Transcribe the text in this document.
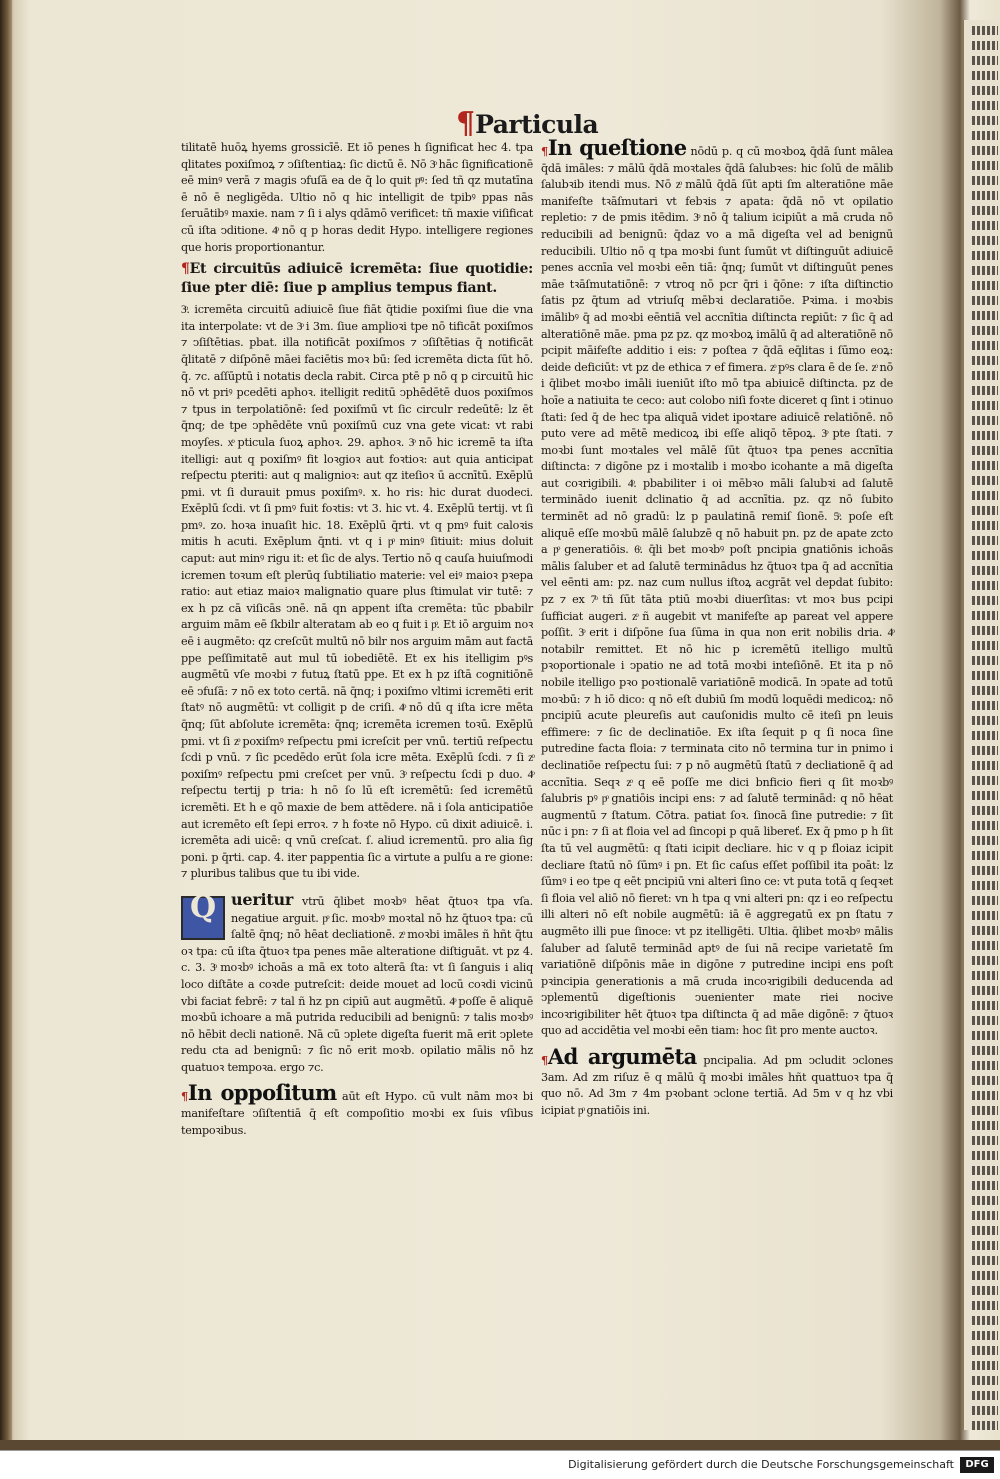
¶Particula

tilitatē huōꝝ hyems grossicīē. Et iō penes h ſignificat hec 4. tpa qlitates poxiſmoꝝ ⁊ ↄſiſtentiaꝝ: ſic dictū ē. Nō 3ͦ hāc ſignificationē eē minꝰ verā ⁊ magis ↄfuſā ea de q̄ lo quit pͦꝰ: ſed tñ qz mutatīna ē nō ē negligēda. Ultio nō q hic intelligit de tpibꝰ ppas nās ſeruātibꝰ maxie. nam ⁊ ſi i alys qdāmō verificet: tñ maxie viſificat cū iſta ↄditione. 4ͦ nō q p horas dedit Hypo. intelligere regiones que horis proportionantur.

¶Et circuitūs adiuicē icremēta: ſiue quotidie: ſiue pter diē: ſiue p amplius tempus fiant.

3ͦ. icremēta circuitū adiuicē ſiue fiāt q̄tidie poxiſmi ſiue die vna ita interpolate: vt de 3ͦ i 3m. ſiue amplioꝛi tpe nō tificāt poxiſmos ⁊ ↄſiſtētias. pbat. illa notificāt poxiſmos ⁊ ↄſiſtētias q̄ notificāt q̄litatē ⁊ diſpōnē māei faciētis moꝛ bū: ſed icremēta dicta ſūt hō. q̄. ⁊c. aſſūptū i notatis decla rabit. Circa ptē p nō q p circuitū hic nō vt priꝰ pcedēti aphoꝛ. itelligit reditū ↄphēdētē duos poxiſmos ⁊ tpus in terpolatiōnē: ſed poxiſmū vt ſic circulr redeūtē: lz ēt q̄nq; de tpe ↄphēdēte vnū poxiſmū cuz vna gete vicat: vt rabi moyſes. xͦ pticula ſuoꝝ aphoꝛ. 29. aphoꝛ. 3ͦ nō hic icremē ta iſta itelligi: aut q poxiſmꝰ fit loꝛgioꝛ aut foꝛtioꝛ: aut quia anticipat reſpectu pteriti: aut q malignioꝛ: aut qz iteſioꝛ ū accnītū. Exēplū pmi. vt ſi durauit pmus poxiſmꝰ. x. ho ris: hic durat duodeci. Exēplū ſcdi. vt ſi pmꝰ fuit foꝛtis: vt 3. hic vt. 4. Exēplū tertij. vt ſi pmꝰ. zo. hoꝛa inuaſit hic. 18. Exēplū q̄rti. vt q pmꝰ fuit caloꝛis mitis h acuti. Exēplum q̄nti. vt q i pͦ minꝰ ſitiuit: mius doluit caput: aut minꝰ rigu it: et ſic de alys. Tertio nō q cauſa huiuſmodi icremen toꝛum eſt plerūq ſubtiliatio materie: vel eiꝰ maioꝛ pꝛepa ratio: aut etiaz maioꝛ malignatio quare plus ſtimulat vir tutē: ⁊ ex h pz cā viſicās ↄnē. nā qn appent iſta cremēta: tūc pbabilr arguim mām eē ſkbilr alteratam ab eo q fuit i pͦ. Et iō arguim noꝛ eē i augmēto: qz creſcūt multū nō bilr nos arguim mām aut factā ppe peſſimitatē aut mul tū iobediētē. Et ex his itelligim pꝰs augmētū vſe moꝛbi ⁊ futuꝝ ſtatū ppe. Et ex h pz iſtā cognitiōnē eē ↄfuſā: ⁊ nō ex toto certā. nā q̄nq; i poxiſmo vltimi icremēti erit ſtatꝰ nō augmētū: vt colligit p de criſi. 4ͦ nō dū q iſta icre mēta q̄nq; ſūt abſolute icremēta: q̄nq; icremēta icremen toꝛū. Exēplū pmi. vt ſi zͦ poxiſmꝰ reſpectu pmi icreſcit per vnū. tertiū reſpectu ſcdi p vnū. ⁊ ſic pcedēdo erūt ſola icre mēta. Exēplū ſcdi. ⁊ ſi zͦ poxiſmꝰ reſpectu pmi creſcet per vnū. 3ͦ reſpectu ſcdi p duo. 4ͦ reſpectu tertij p tria: h nō ſo lū eſt icremētū: ſed icremētū icremēti. Et h e qō maxie de bem attēdere. nā i ſola anticipatiōe aut icremēto eſt ſepi erroꝛ. ⁊ h foꝛte nō Hypo. cū dixit adiuicē. i. icremēta adi uicē: q vnū creſcat. ſ. aliud icrementū. pro alia ſig poni. p q̄rti. cap. 4. iter pappentia ſic a virtute a pulſu a re gione: ⁊ pluribus talibus que tu ibi vide.

Q ueritur vtrū q̄libet moꝛbꝰ hēat q̄tuoꝛ tpa vſa. negatiue arguit. pͦ ſic. moꝛbꝰ moꝛtal nō hz q̄tuoꝛ tpa: cū ſaltē q̄nq; nō hēat decliationē. zͦ moꝛbi imāles ñ hñt q̄tu oꝛ tpa: cū iſta q̄tuoꝛ tpa penes māe alteratione diſtiguāt. vt pz 4. c. 3. 3ͦ moꝛbꝰ ichoās a mā ex toto alterā ſta: vt ſi ſanguis i aliq loco diſtāte a coꝛde putreſcit: deide mouet ad locū coꝛdi vicinū vbi faciat febrē: ⁊ tal ñ hz pn cipiū aut augmētū. 4ͦ poſſe ē aliquē moꝛbū ichoare a mā putrida reducibili ad benignū: ⁊ talis moꝛbꝰ nō hēbit decli nationē. Nā cū ↄplete digeſta fuerit mā erit ↄplete redu cta ad benignū: ⁊ ſic nō erit moꝛb. opilatio mālis nō hz quatuoꝛ tempoꝛa. ergo ⁊c.

¶In oppoſitum aūt eſt Hypo. cū vult nām moꝛ bi manifeſtare ↄſiſtentiā q̄ eſt compoſitio moꝛbi ex ſuis vſibus tempoꝛibus.

¶In queſtione nōdū p. q cū moꝛboꝝ q̄dā ſunt mālea q̄dā imāles: ⁊ mālū q̄dā moꝛtales q̄dā ſalubꝛes: hic ſolū de mālib ſalubꝛib itendi mus. Nō zͦ mālū q̄dā ſūt apti ſm alteratiōne māe manifeſte tꝛāſmutari vt febꝛis ⁊ apata: q̄dā nō vt opilatio repletio: ⁊ de pmis itēdim. 3ͦ nō q̄ talium icipiūt a mā cruda nō reducibili ad benignū: q̄daz vo a mā digeſta vel ad benignū reducibili. Ultio nō q tpa moꝛbi ſunt ſumūt vt diſtinguūt adiuicē penes accnīa vel moꝛbi eēn tiā: q̄nq; ſumūt vt diſtinguūt penes māe tꝛāſmutatiōnē: ⁊ vtroq nō pcr q̄ri i q̄ōne: ⁊ iſta diſtinctio ſatis pz q̄tum ad vtriuſq mēbꝛi declaratiōe. Pꝛima. i moꝛbis imālibꝰ q̄ ad moꝛbi eēntiā vel accnītia diſtincta reꝑiūt: ⁊ ſic q̄ ad alteratiōnē māe. pma pz pz. qz moꝛboꝝ imālū q̄ ad alteratiōnē nō pcipit māifeſte additio i eis: ⁊ poſtea ⁊ q̄dā eq̄litas i ſūmo eoꝝ: deide deficiūt: vt pz de ethica ⁊ ef fimera. zͦ pꝰs clara ē de ſe. zͦ nō i q̄libet moꝛbo imāli iueniūt iſto mō tpa abiuicē diſtincta. pz de hoīe a natiuita te ceco: aut colobo niſi foꝛte diceret q ſint i ↄtinuo ſtati: ſed q̄ de hec tpa aliquā videt ipoꝛtare adiuicē relatiōnē. nō puto vere ad mētē medicoꝝ ibi eſſe aliqō tēpoꝝ. 3ͦ pte ſtati. ⁊ moꝛbi ſunt moꝛtales vel mālē ſūt q̄tuoꝛ tpa penes accnītia diſtincta: ⁊ digōne pz i moꝛtalib i moꝛbo icohante a mā digeſta aut coꝛrigibili. 4ͦ. pbabiliter i oi mēbꝛo māli ſalubꝛi ad ſalutē terminādo iuenit dclinatio q̄ ad accnītia. pz. qz nō ſubito terminēt ad nō gradū: lz p paulatinā remiſ ſionē. 5ͦ. poſe eſt aliquē eſſe moꝛbū mālē ſalubzē q nō habuit pn. pz de apate zcto a pͦ generatiōis. 6ͦ. q̄li bet moꝛbꝰ poſt pncipia gnatiōnis ichoās mālis ſaluber et ad ſalutē terminādus hz q̄tuoꝛ tpa q̄ ad accnītia vel eēnti am: pz. naz cum nullus iſtoꝝ acgrāt vel depdat ſubito: pz ⁊ ex 7ͦ tñ ſūt tāta ptiū moꝛbi diuerſitas: vt moꝛ bus pcipi ſufficiat augeri. zͦ ñ augebit vt manifeſte ap pareat vel appere poſſit. 3ͦ erit i diſpōne ſua ſūma in qua non erit nobilis dria. 4ͦ notabilr remittet. Et nō hic p icremētū itelligo multū pꝛoportionale i ↄpatio ne ad totā moꝛbi inteſiōnē. Et ita p nō nobile itelligo pꝛo poꝛtionalē variatiōnē modicā. In ↄpate ad totū moꝛbū: ⁊ h iō dico: q nō eſt dubiū ſm modū loquēdi medicoꝝ: nō pncipiū acute pleureſis aut cauſonidis multo cē iteſi pn leuis effimere: ⁊ ſic de declinatiōe. Ex iſta ſequit p q ſi noca ſine putredine facta floia: ⁊ terminata cito nō termina tur in pnimo i declinatiōe reſpectu ſui: ⁊ p nō augmētū ſtatū ⁊ decliationē q̄ ad accnītia. Seqꝛ zͦ q eē poſſe me dici bnficio fieri q ſit moꝛbꝰ ſalubris pꝰ pͦ gnatiōis incipi ens: ⁊ ad ſalutē terminād: q nō hēat augmentū ⁊ ſtatum. Cōtra. patiat ſoꝛ. ſinocā ſine putredie: ⁊ ſit nūc i pn: ⁊ ſi at floia vel ad ſincopi p quā libereť. Ex q̄ pmo p h ſit ſta tū vel augmētū: q ſtati icipit decliare. hic v q p floiaz icipit decliare ſtatū nō ſūmꝰ i pn. Et ſic caſus eſſet poſſibil ita poāt: lz ſūmꝰ i eo tpe q eēt pncipiū vni alteri ſino ce: vt puta totā q ſeqꝛet ſi floia vel aliō nō fieret: vn h tpa q vni alteri pn: qz i eo reſpectu illi alteri nō eſt nobile augmētū: iā ē aggregatū ex pn ſtatu ⁊ augmēto illi pue ſinoce: vt pz itelligēti. Ultia. q̄libet moꝛbꝰ mālis ſaluber ad ſalutē terminād aptꝰ de ſui nā recipe varietatē ſm variatiōnē diſpōnis māe in digōne ⁊ putredine incipi ens poſt pꝛincipia generationis a mā cruda incoꝛrigibili deducenda ad ↄplementū digeſtionis ↄuenienter mate riei nocive incoꝛrigibiliter hēt q̄tuoꝛ tpa diſtincta q̄ ad māe digōnē: ⁊ q̄tuoꝛ quo ad accidētia vel moꝛbi eēn tiam: hoc ſit pro mente auctoꝛ.

¶Ad argumēta pncipalia. Ad pm ↄcludit ↄclones 3am. Ad zm riſuz ē q mālū q̄ moꝛbi imāles hñt quattuoꝛ tpa q̄ quo nō. Ad 3m ⁊ 4m pꝛobant ↄclone tertiā. Ad 5m v q hz vbi icipiat pͦ gnatiōis ini.

Digitalisierung gefördert durch die Deutsche Forschungsgemeinschaft	DFG
